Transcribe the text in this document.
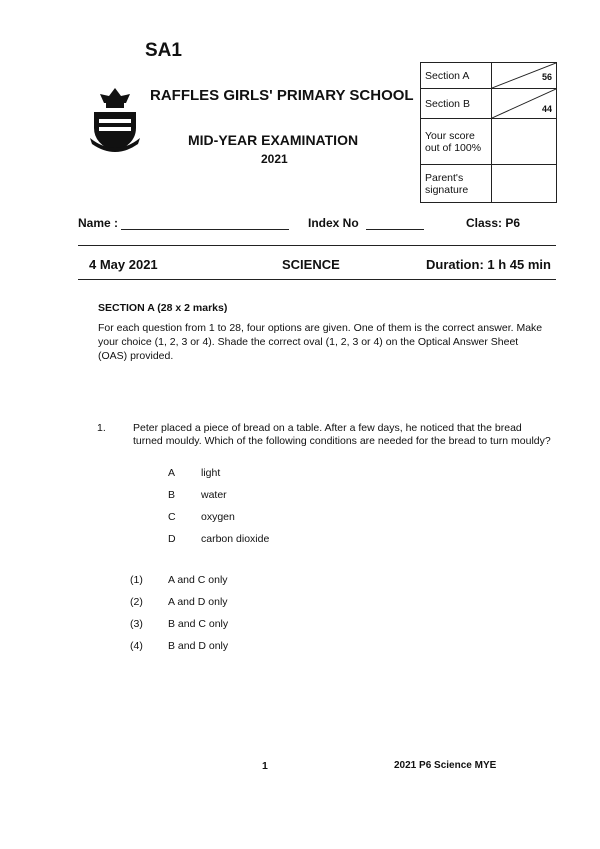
SA1
RAFFLES GIRLS' PRIMARY SCHOOL
MID-YEAR EXAMINATION
2021
Section A	56

Section B	44

Your score out of 100%	
Parent's signature	
Name :	Index No	Class: P6
4 May 2021	SCIENCE	Duration: 1 h 45 min
SECTION A (28 x 2 marks)
For each question from 1 to 28, four options are given. One of them is the correct answer. Make your choice (1, 2, 3 or 4). Shade the correct oval (1, 2, 3 or 4) on the Optical Answer Sheet (OAS) provided.
1.	Peter placed a piece of bread on a table. After a few days, he noticed that the bread turned mouldy. Which of the following conditions are needed for the bread to turn mouldy?
A light
B water
C oxygen
D carbon dioxide
(1) A and C only
(2) A and D only
(3) B and C only
(4) B and D only
1	2021 P6 Science MYE
